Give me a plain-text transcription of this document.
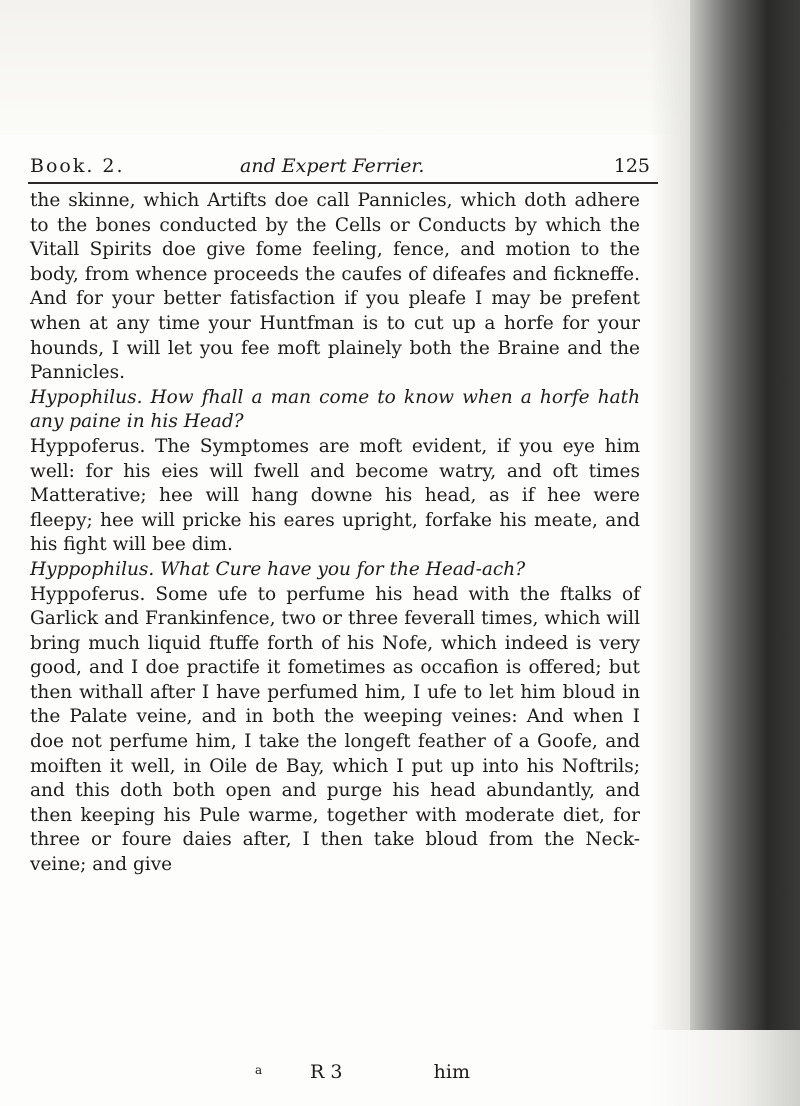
Book. 2.	and Expert Ferrier.	125

the skinne, which Artifts doe call Pannicles, which doth adhere to the bones conducted by the Cells or Conducts by which the Vitall Spirits doe give fome feeling, fence, and motion to the body, from whence proceeds the caufes of difeafes and fickneffe. And for your better fatisfaction if you pleafe I may be prefent when at any time your Huntfman is to cut up a horfe for your hounds, I will let you fee moft plainely both the Braine and the Pannicles.

Hypophilus. How fhall a man come to know when a horfe hath any paine in his Head?

Hyppoferus. The Symptomes are moft evident, if you eye him well: for his eies will fwell and become watry, and oft times Matterative; hee will hang downe his head, as if hee were fleepy; hee will pricke his eares upright, forfake his meate, and his fight will bee dim.

Hyppophilus. What Cure have you for the Head-ach?

Hyppoferus. Some ufe to perfume his head with the ftalks of Garlick and Frankinfence, two or three feverall times, which will bring much liquid ftuffe forth of his Nofe, which indeed is very good, and I doe practife it fometimes as occafion is offered; but then withall after I have perfumed him, I ufe to let him bloud in the Palate veine, and in both the weeping veines: And when I doe not perfume him, I take the longeft feather of a Goofe, and moiften it well, in Oile de Bay, which I put up into his Noftrils; and this doth both open and purge his head abundantly, and then keeping his Pule warme, together with moderate diet, for three or foure daies after, I then take bloud from the Neck-veine; and give

a	R 3	him
